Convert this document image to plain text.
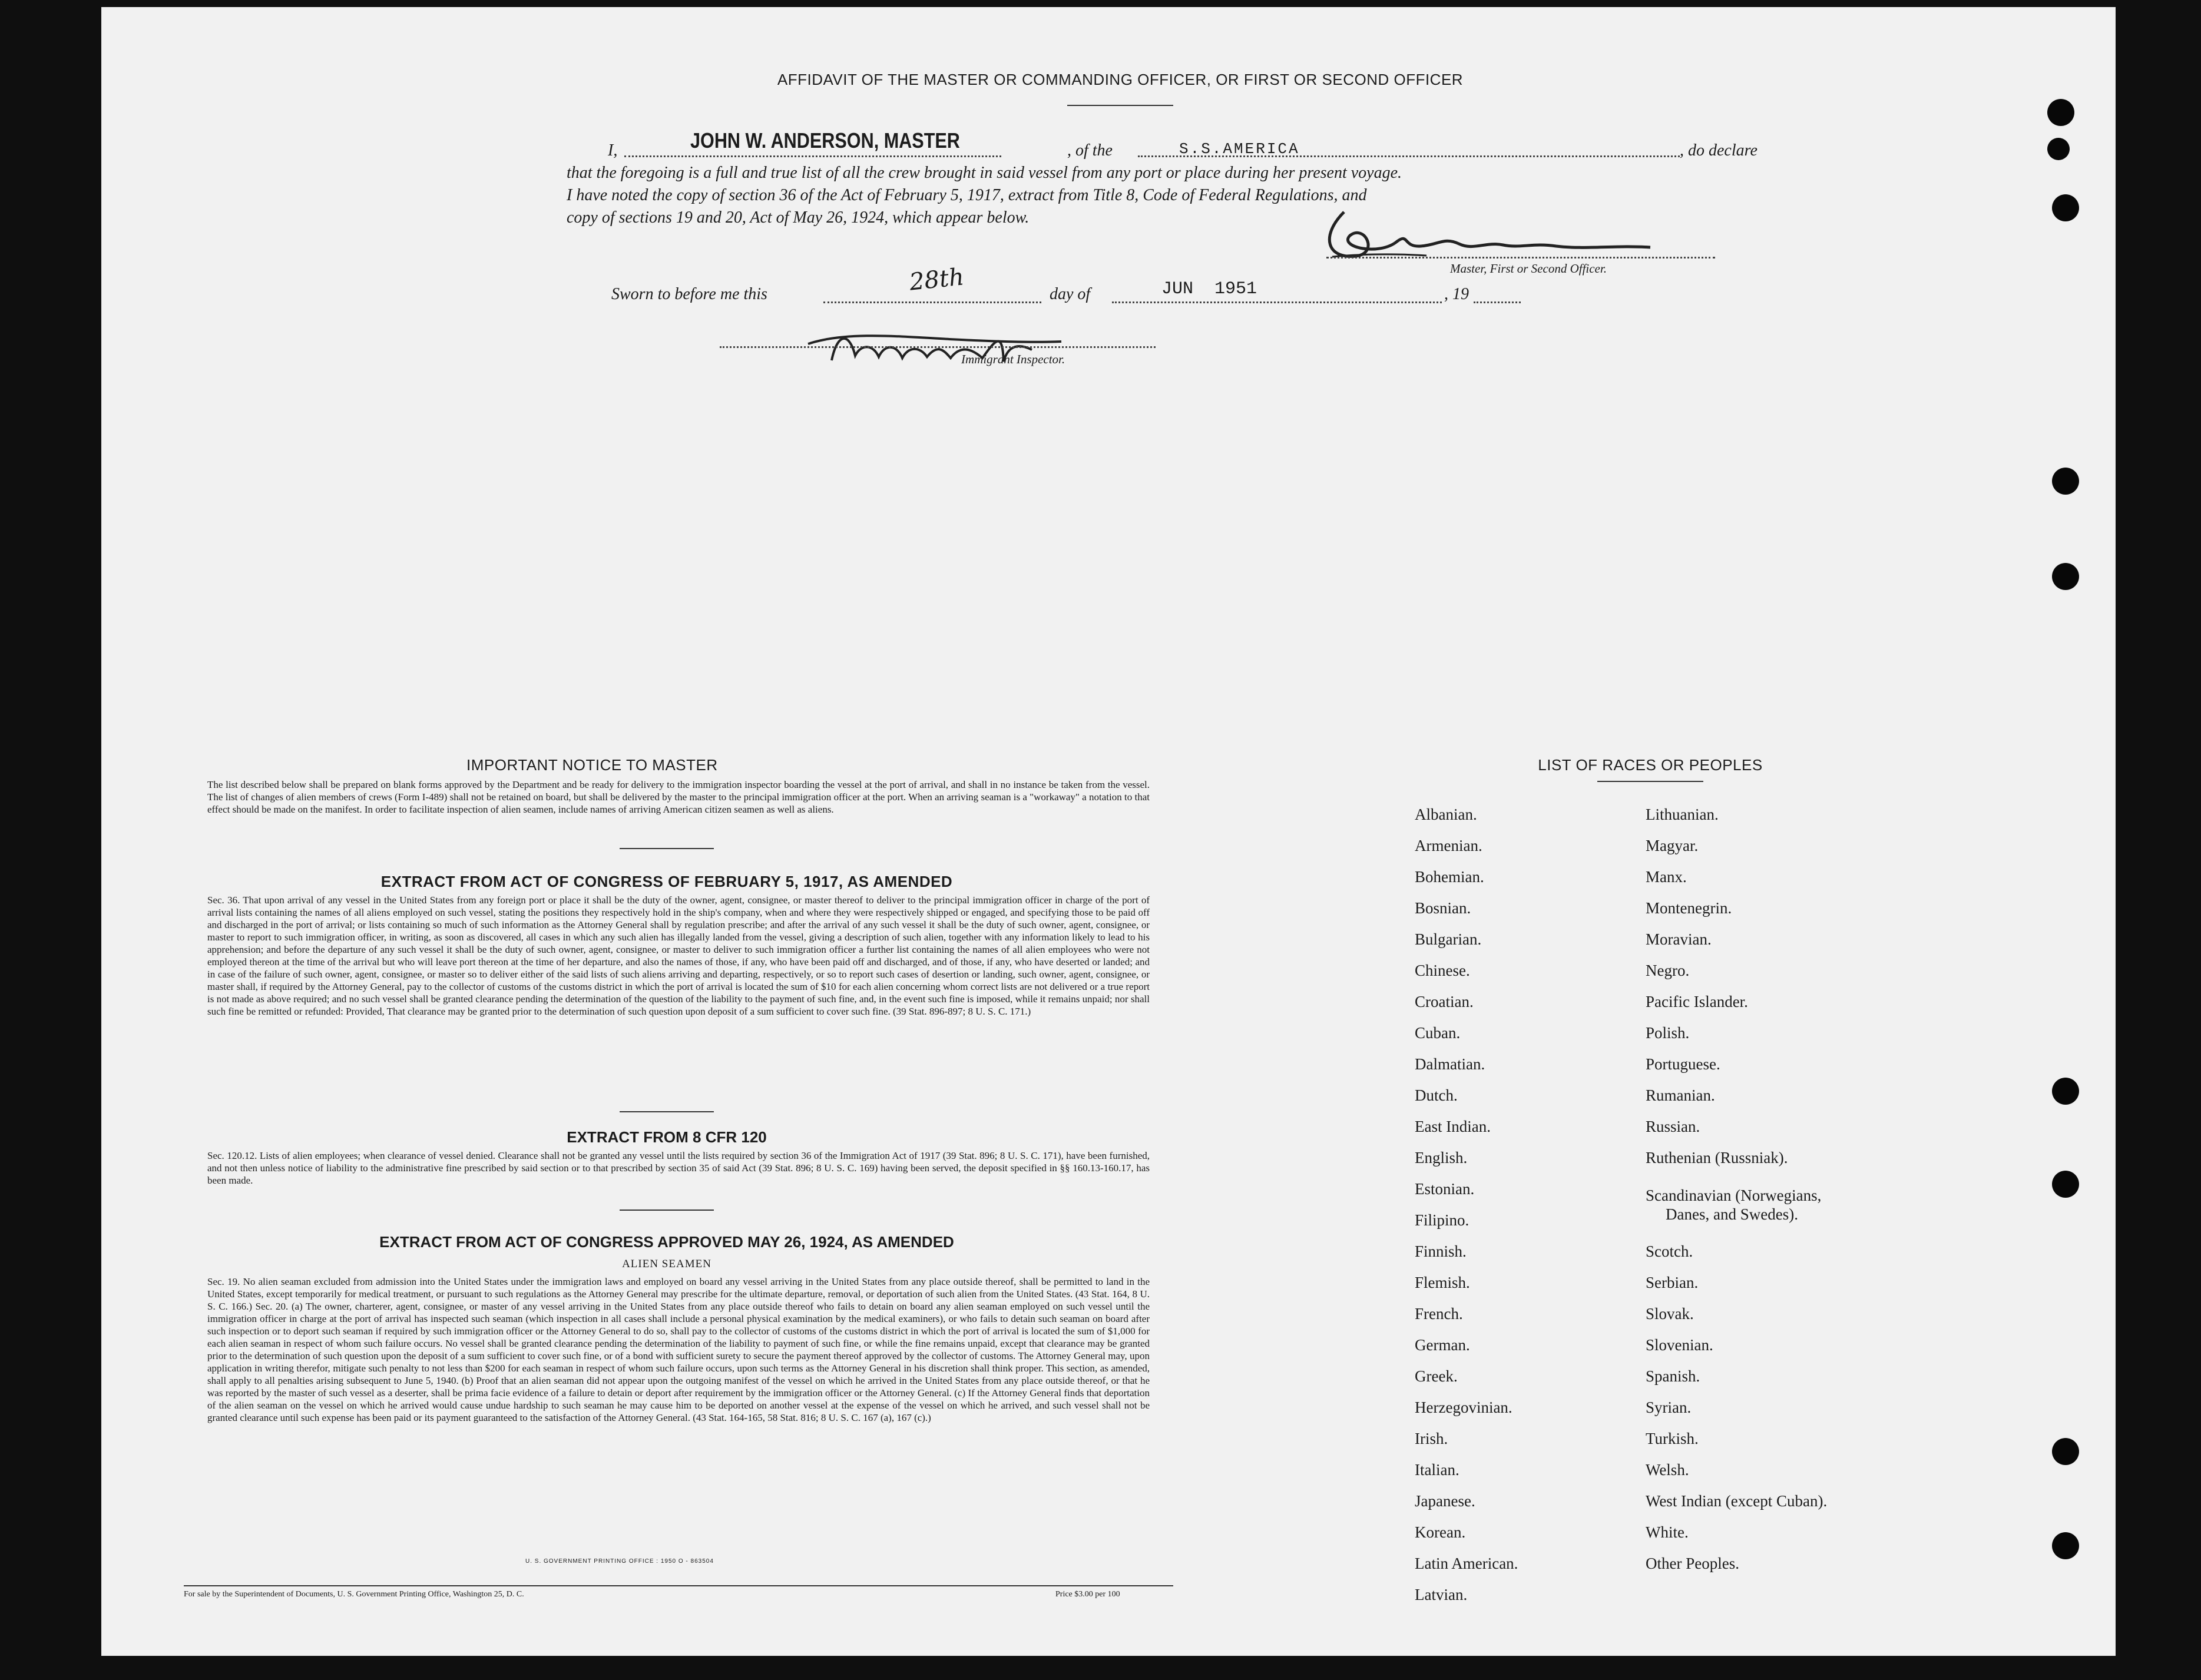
AFFIDAVIT OF THE MASTER OR COMMANDING OFFICER, OR FIRST OR SECOND OFFICER
I,	JOHN W. ANDERSON, MASTER	, of the	S.S.AMERICA	, do declare
that the foregoing is a full and true list of all the crew brought in said vessel from any port or place during her present voyage.
I have noted the copy of section 36 of the Act of February 5, 1917, extract from Title 8, Code of Federal Regulations, and
copy of sections 19 and 20, Act of May 26, 1924, which appear below.
Master, First or Second Officer.
Sworn to before me this	28th	day of	JUN  1951	, 19
Immigrant Inspector.
IMPORTANT NOTICE TO MASTER
The list described below shall be prepared on blank forms approved by the Department and be ready for delivery to the immigration inspector boarding the vessel at the port of arrival, and shall in no instance be taken from the vessel. The list of changes of alien members of crews (Form I-489) shall not be retained on board, but shall be delivered by the master to the principal immigration officer at the port. When an arriving seaman is a "workaway" a notation to that effect should be made on the manifest. In order to facilitate inspection of alien seamen, include names of arriving American citizen seamen as well as aliens.
EXTRACT FROM ACT OF CONGRESS OF FEBRUARY 5, 1917, AS AMENDED
Sec. 36. That upon arrival of any vessel in the United States from any foreign port or place it shall be the duty of the owner, agent, consignee, or master thereof to deliver to the principal immigration officer in charge of the port of arrival lists containing the names of all aliens employed on such vessel, stating the positions they respectively hold in the ship's company, when and where they were respectively shipped or engaged, and specifying those to be paid off and discharged in the port of arrival; or lists containing so much of such information as the Attorney General shall by regulation prescribe; and after the arrival of any such vessel it shall be the duty of such owner, agent, consignee, or master to report to such immigration officer, in writing, as soon as discovered, all cases in which any such alien has illegally landed from the vessel, giving a description of such alien, together with any information likely to lead to his apprehension; and before the departure of any such vessel it shall be the duty of such owner, agent, consignee, or master to deliver to such immigration officer a further list containing the names of all alien employees who were not employed thereon at the time of the arrival but who will leave port thereon at the time of her departure, and also the names of those, if any, who have been paid off and discharged, and of those, if any, who have deserted or landed; and in case of the failure of such owner, agent, consignee, or master so to deliver either of the said lists of such aliens arriving and departing, respectively, or so to report such cases of desertion or landing, such owner, agent, consignee, or master shall, if required by the Attorney General, pay to the collector of customs of the customs district in which the port of arrival is located the sum of $10 for each alien concerning whom correct lists are not delivered or a true report is not made as above required; and no such vessel shall be granted clearance pending the determination of the question of the liability to the payment of such fine, and, in the event such fine is imposed, while it remains unpaid; nor shall such fine be remitted or refunded: Provided, That clearance may be granted prior to the determination of such question upon deposit of a sum sufficient to cover such fine. (39 Stat. 896-897; 8 U. S. C. 171.)
EXTRACT FROM 8 CFR 120
Sec. 120.12. Lists of alien employees; when clearance of vessel denied. Clearance shall not be granted any vessel until the lists required by section 36 of the Immigration Act of 1917 (39 Stat. 896; 8 U. S. C. 171), have been furnished, and not then unless notice of liability to the administrative fine prescribed by said section or to that prescribed by section 35 of said Act (39 Stat. 896; 8 U. S. C. 169) having been served, the deposit specified in §§ 160.13-160.17, has been made.
EXTRACT FROM ACT OF CONGRESS APPROVED MAY 26, 1924, AS AMENDED
ALIEN SEAMEN
Sec. 19. No alien seaman excluded from admission into the United States under the immigration laws and employed on board any vessel arriving in the United States from any place outside thereof, shall be permitted to land in the United States, except temporarily for medical treatment, or pursuant to such regulations as the Attorney General may prescribe for the ultimate departure, removal, or deportation of such alien from the United States. (43 Stat. 164, 8 U. S. C. 166.) Sec. 20. (a) The owner, charterer, agent, consignee, or master of any vessel arriving in the United States from any place outside thereof who fails to detain on board any alien seaman employed on such vessel until the immigration officer in charge at the port of arrival has inspected such seaman (which inspection in all cases shall include a personal physical examination by the medical examiners), or who fails to detain such seaman on board after such inspection or to deport such seaman if required by such immigration officer or the Attorney General to do so, shall pay to the collector of customs of the customs district in which the port of arrival is located the sum of $1,000 for each alien seaman in respect of whom such failure occurs. No vessel shall be granted clearance pending the determination of the liability to payment of such fine, or while the fine remains unpaid, except that clearance may be granted prior to the determination of such question upon the deposit of a sum sufficient to cover such fine, or of a bond with sufficient surety to secure the payment thereof approved by the collector of customs. The Attorney General may, upon application in writing therefor, mitigate such penalty to not less than $200 for each seaman in respect of whom such failure occurs, upon such terms as the Attorney General in his discretion shall think proper. This section, as amended, shall apply to all penalties arising subsequent to June 5, 1940. (b) Proof that an alien seaman did not appear upon the outgoing manifest of the vessel on which he arrived in the United States from any place outside thereof, or that he was reported by the master of such vessel as a deserter, shall be prima facie evidence of a failure to detain or deport after requirement by the immigration officer or the Attorney General. (c) If the Attorney General finds that deportation of the alien seaman on the vessel on which he arrived would cause undue hardship to such seaman he may cause him to be deported on another vessel at the expense of the vessel on which he arrived, and such vessel shall not be granted clearance until such expense has been paid or its payment guaranteed to the satisfaction of the Attorney General. (43 Stat. 164-165, 58 Stat. 816; 8 U. S. C. 167 (a), 167 (c).)
U. S. GOVERNMENT PRINTING OFFICE : 1950 O - 863504
For sale by the Superintendent of Documents, U. S. Government Printing Office, Washington 25, D. C.	Price $3.00 per 100
LIST OF RACES OR PEOPLES
Albanian.
Armenian.
Bohemian.
Bosnian.
Bulgarian.
Chinese.
Croatian.
Cuban.
Dalmatian.
Dutch.
East Indian.
English.
Estonian.
Filipino.
Finnish.
Flemish.
French.
German.
Greek.
Herzegovinian.
Irish.
Italian.
Japanese.
Korean.
Latin American.
Latvian.
Lithuanian.
Magyar.
Manx.
Montenegrin.
Moravian.
Negro.
Pacific Islander.
Polish.
Portuguese.
Rumanian.
Russian.
Ruthenian (Russniak).
Scandinavian (Norwegians,
Danes, and Swedes).
Scotch.
Serbian.
Slovak.
Slovenian.
Spanish.
Syrian.
Turkish.
Welsh.
West Indian (except Cuban).
White.
Other Peoples.
